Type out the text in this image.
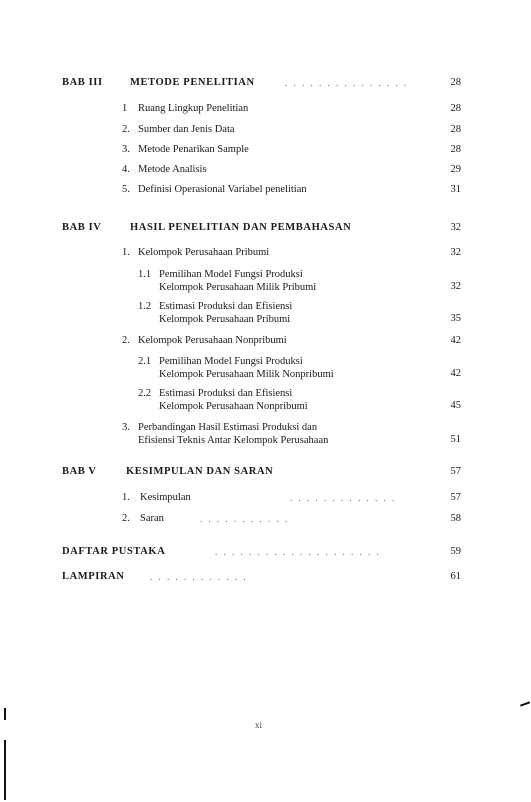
BAB III	METODE PENELITIAN	. . . . . . . . . . . . . . .	28
1 Ruang Lingkup Penelitian	28
2. Sumber dan Jenis Data	28
3. Metode Penarikan Sample	28
4. Metode Analisis	29
5. Definisi Operasional Variabel penelitian	31
BAB IV	HASIL PENELITIAN DAN PEMBAHASAN	32
1. Kelompok Perusahaan Pribumi	32
1.1 Pemilihan Model Fungsi Produksi
Kelompok Perusahaan Milik Pribumi	32
1.2 Estimasi Produksi dan Efisiensi
Kelompok Perusahaan Pribumi	35
2. Kelompok Perusahaan Nonpribumi	42
2.1 Pemilihan Model Fungsi Produksi
Kelompok Perusahaan Milik Nonpribumi	42
2.2 Estimasi Produksi dan Efisiensi
Kelompok Perusahaan Nonpribumi	45
3. Perbandingan Hasil Estimasi Produksi dan
Efisiensi Teknis Antar Kelompok Perusahaan	51
BAB V	KESIMPULAN DAN SARAN	57
1. Kesimpulan	. . . . . . . . . . . . .	57
2. Saran	. . . . . . . . . . .	58
DAFTAR PUSTAKA	. . . . . . . . . . . . . . . . . . . .	59
LAMPIRAN	. . . . . . . . . . . .	61
xi
